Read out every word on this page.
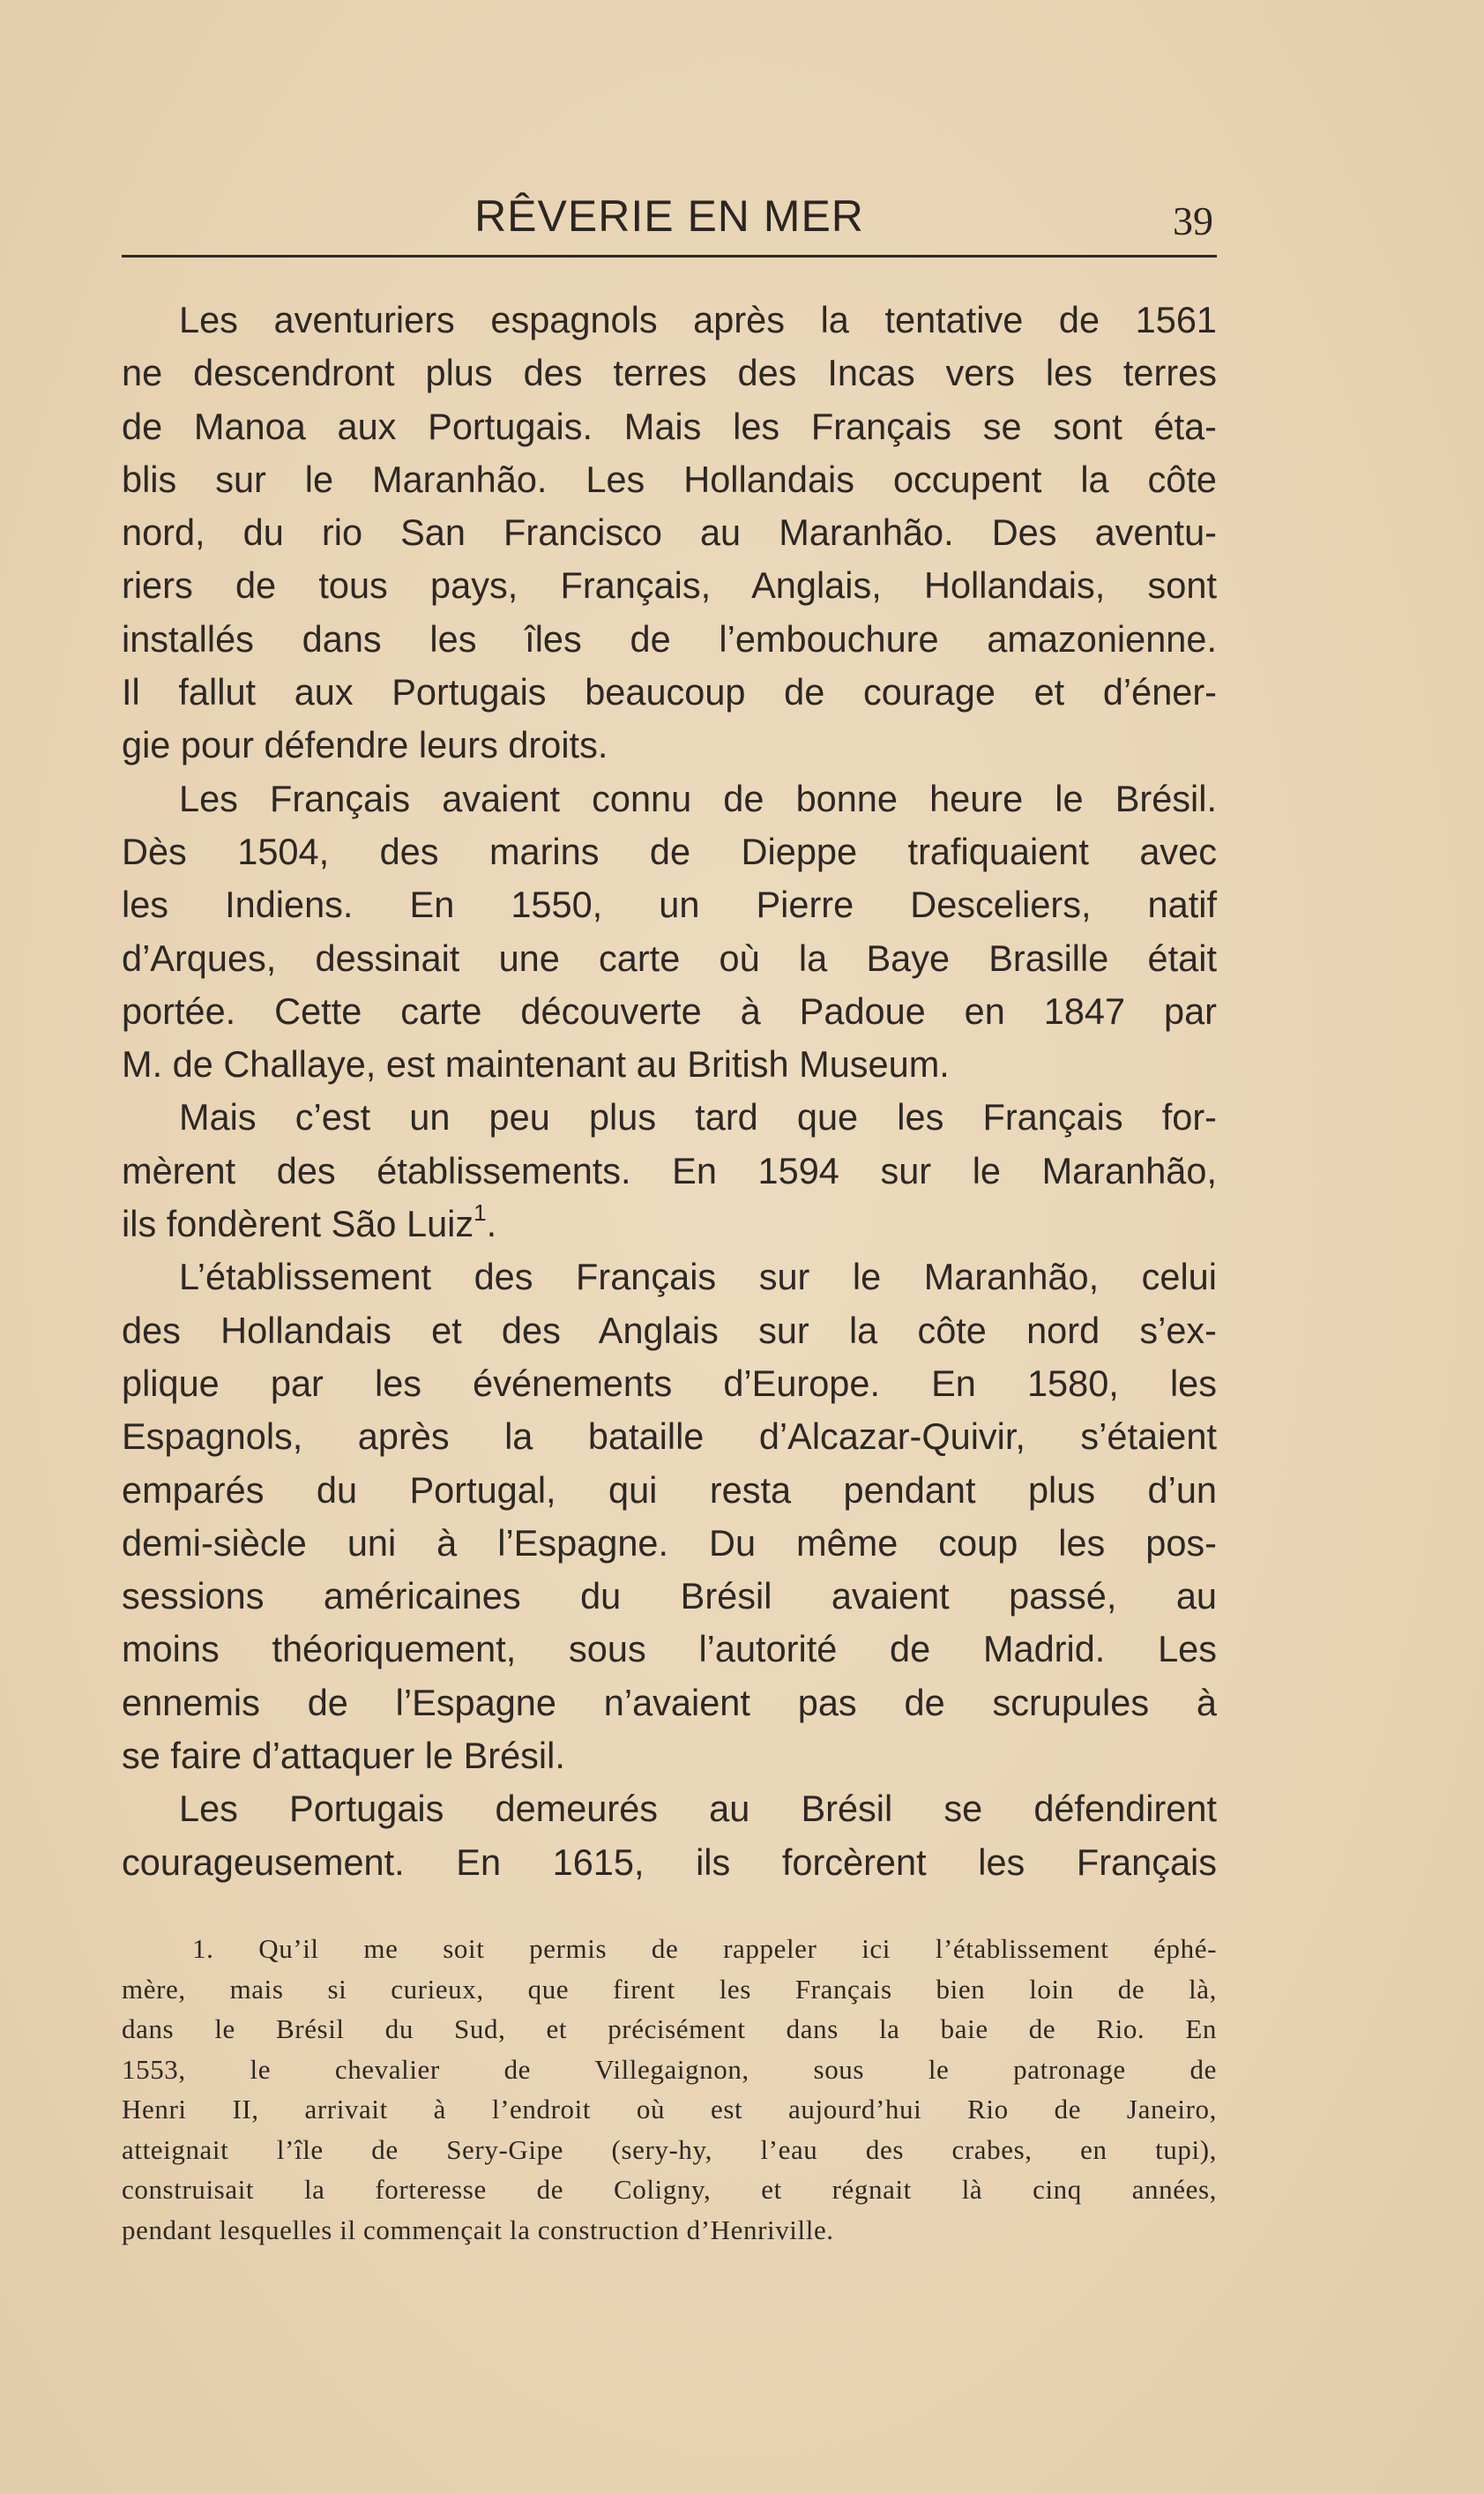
RÊVERIE EN MER	39
Les aventuriers espagnols après la tentative de 1561
ne descendront plus des terres des Incas vers les terres
de Manoa aux Portugais. Mais les Français se sont éta-
blis sur le Maranhão. Les Hollandais occupent la côte
nord, du rio San Francisco au Maranhão. Des aventu-
riers de tous pays, Français, Anglais, Hollandais, sont
installés dans les îles de l’embouchure amazonienne.
Il fallut aux Portugais beaucoup de courage et d’éner-
gie pour défendre leurs droits.
Les Français avaient connu de bonne heure le Brésil.
Dès 1504, des marins de Dieppe trafiquaient avec
les Indiens. En 1550, un Pierre Desceliers, natif
d’Arques, dessinait une carte où la Baye Brasille était
portée. Cette carte découverte à Padoue en 1847 par
M. de Challaye, est maintenant au British Museum.
Mais c’est un peu plus tard que les Français for-
mèrent des établissements. En 1594 sur le Maranhão,
ils fondèrent São Luiz$^1$.
L’établissement des Français sur le Maranhão, celui
des Hollandais et des Anglais sur la côte nord s’ex-
plique par les événements d’Europe. En 1580, les
Espagnols, après la bataille d’Alcazar-Quivir, s’étaient
emparés du Portugal, qui resta pendant plus d’un
demi-siècle uni à l’Espagne. Du même coup les pos-
sessions américaines du Brésil avaient passé, au
moins théoriquement, sous l’autorité de Madrid. Les
ennemis de l’Espagne n’avaient pas de scrupules à
se faire d’attaquer le Brésil.
Les Portugais demeurés au Brésil se défendirent
courageusement. En 1615, ils forcèrent les Français
1. Qu’il me soit permis de rappeler ici l’établissement éphé-
mère, mais si curieux, que firent les Français bien loin de là,
dans le Brésil du Sud, et précisément dans la baie de Rio. En
1553, le chevalier de Villegaignon, sous le patronage de
Henri II, arrivait à l’endroit où est aujourd’hui Rio de Janeiro,
atteignait l’île de Sery-Gipe (sery-hy, l’eau des crabes, en tupi),
construisait la forteresse de Coligny, et régnait là cinq années,
pendant lesquelles il commençait la construction d’Henriville.
